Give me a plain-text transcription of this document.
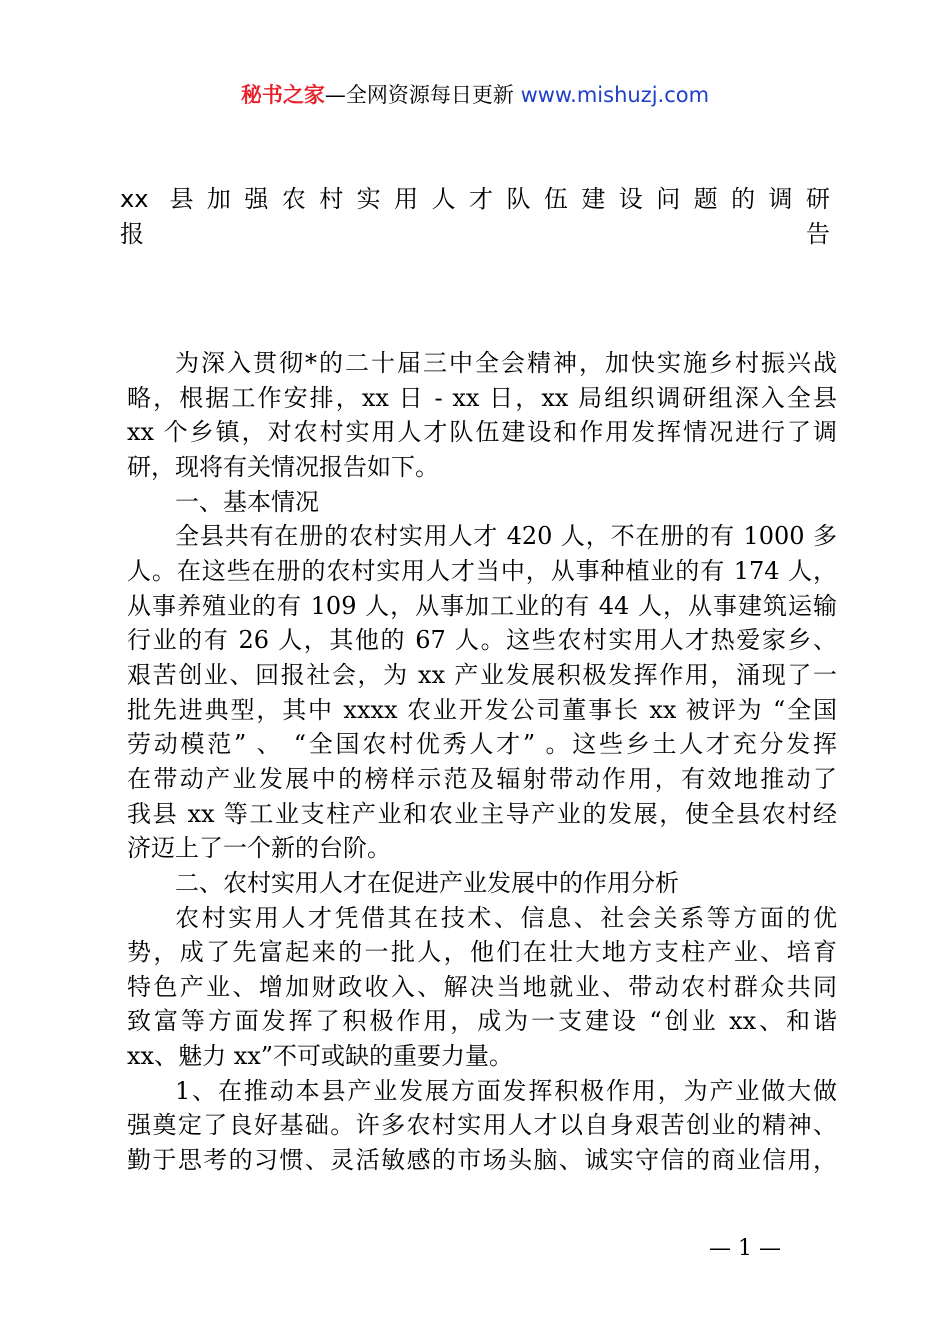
秘书之家—全网资源每日更新 www.mishuzj.com
xx 县加强农村实用人才队伍建设问题的调研
报告
为深入贯彻*的二十届三中全会精神，加快实施乡村振兴战
略，根据工作安排，xx 日 - xx 日，xx 局组织调研组深入全县
xx 个乡镇，对农村实用人才队伍建设和作用发挥情况进行了调
研，现将有关情况报告如下。
一、基本情况
全县共有在册的农村实用人才 420 人，不在册的有 1000 多
人。在这些在册的农村实用人才当中，从事种植业的有 174 人，
从事养殖业的有 109 人，从事加工业的有 44 人，从事建筑运输
行业的有 26 人，其他的 67 人。这些农村实用人才热爱家乡、
艰苦创业、回报社会，为 xx 产业发展积极发挥作用，涌现了一
批先进典型，其中 xxxx 农业开发公司董事长 xx 被评为 “全国
劳动模范” 、 “全国农村优秀人才” 。这些乡土人才充分发挥
在带动产业发展中的榜样示范及辐射带动作用，有效地推动了
我县 xx 等工业支柱产业和农业主导产业的发展，使全县农村经
济迈上了一个新的台阶。
二、农村实用人才在促进产业发展中的作用分析
农村实用人才凭借其在技术、信息、社会关系等方面的优
势，成了先富起来的一批人，他们在壮大地方支柱产业、培育
特色产业、增加财政收入、解决当地就业、带动农村群众共同
致富等方面发挥了积极作用，成为一支建设 “创业 xx、和谐
xx、魅力 xx”不可或缺的重要力量。
1、在推动本县产业发展方面发挥积极作用，为产业做大做
强奠定了良好基础。许多农村实用人才以自身艰苦创业的精神、
勤于思考的习惯、灵活敏感的市场头脑、诚实守信的商业信用，
— 1 —
